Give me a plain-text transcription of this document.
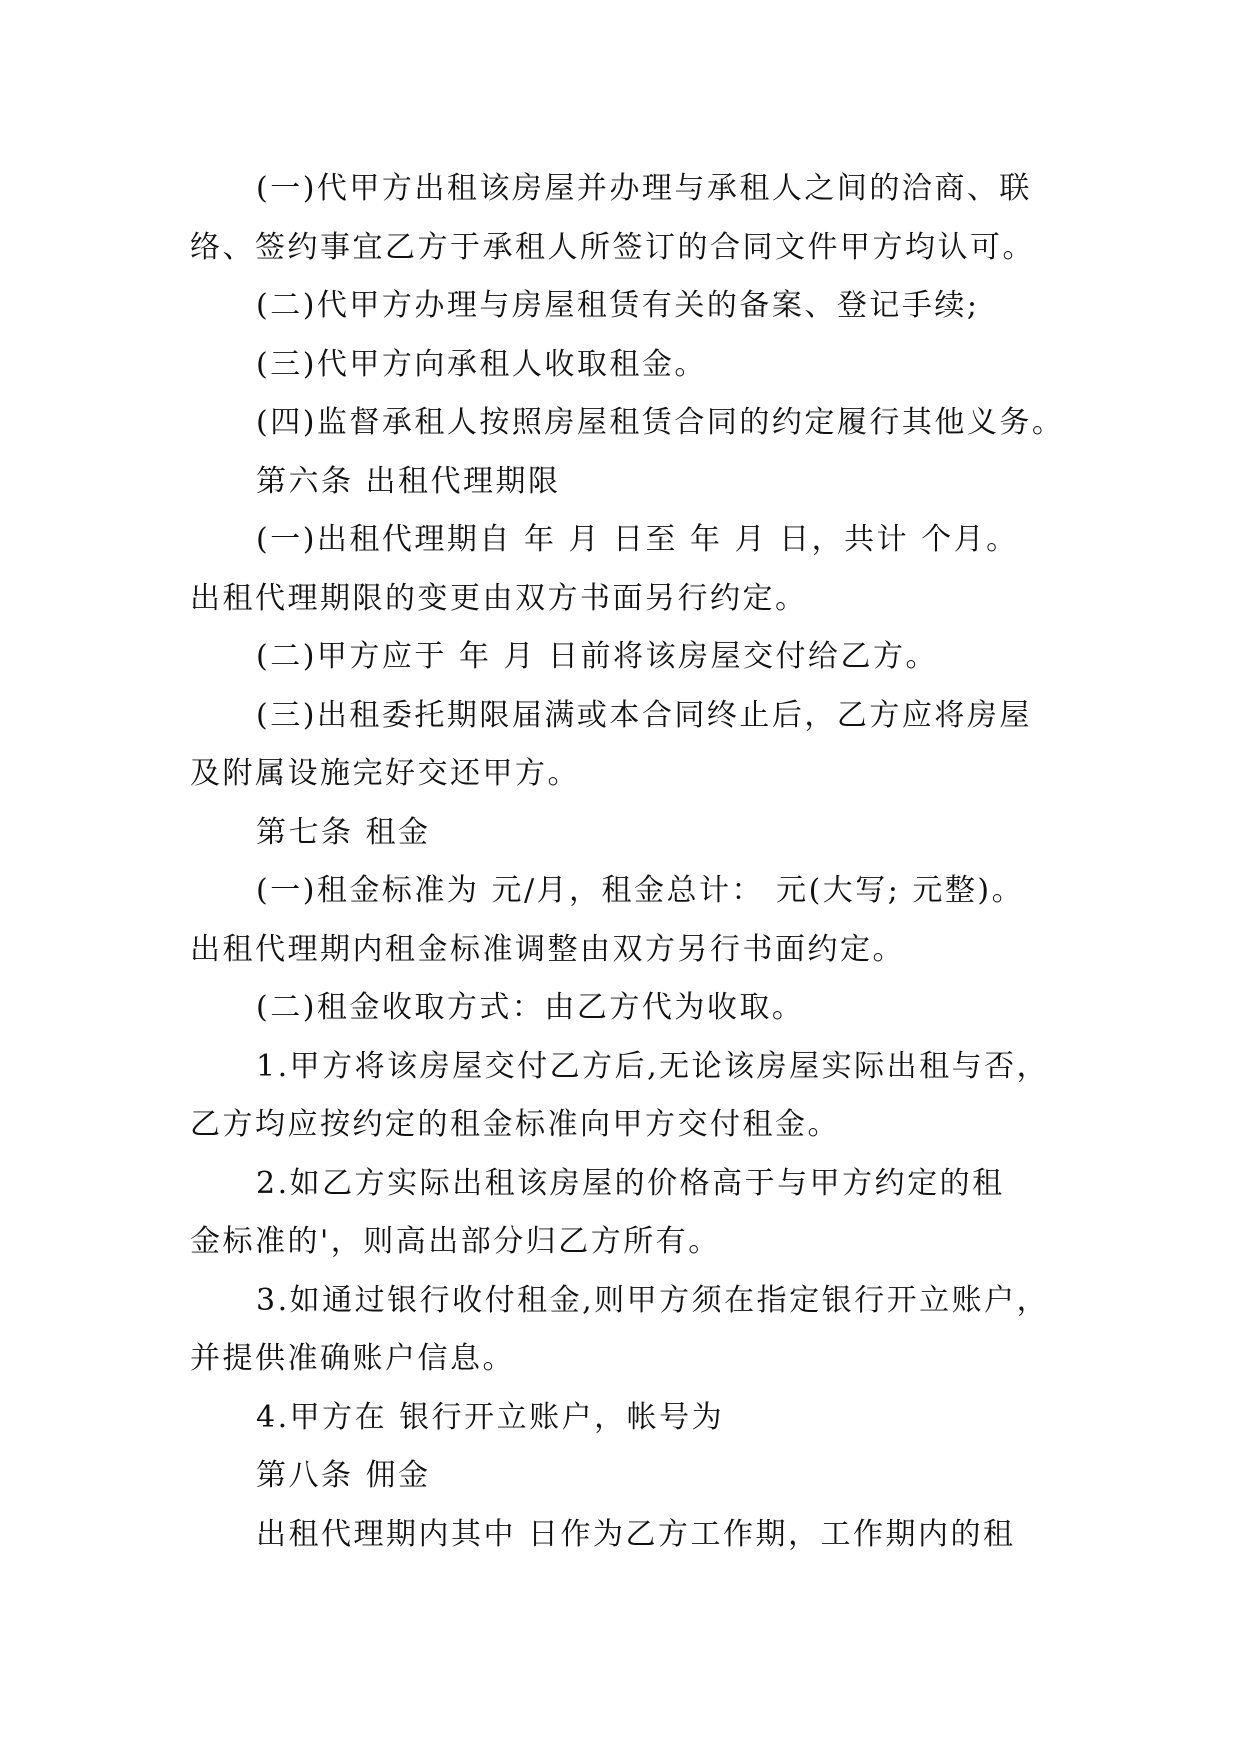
(一)代甲方出租该房屋并办理与承租人之间的洽商、联

络、签约事宜乙方于承租人所签订的合同文件甲方均认可。

(二)代甲方办理与房屋租赁有关的备案、登记手续;

(三)代甲方向承租人收取租金。

(四)监督承租人按照房屋租赁合同的约定履行其他义务。

第六条 出租代理期限

(一)出租代理期自 年 月 日至 年 月 日，共计 个月。

出租代理期限的变更由双方书面另行约定。

(二)甲方应于 年 月 日前将该房屋交付给乙方。

(三)出租委托期限届满或本合同终止后，乙方应将房屋

及附属设施完好交还甲方。

第七条 租金

(一)租金标准为 元/月，租金总计： 元(大写; 元整)。

出租代理期内租金标准调整由双方另行书面约定。

(二)租金收取方式：由乙方代为收取。

1.甲方将该房屋交付乙方后,无论该房屋实际出租与否，

乙方均应按约定的租金标准向甲方交付租金。

2.如乙方实际出租该房屋的价格高于与甲方约定的租

金标准的'，则高出部分归乙方所有。

3.如通过银行收付租金,则甲方须在指定银行开立账户，

并提供准确账户信息。

4.甲方在 银行开立账户，帐号为

第八条 佣金

出租代理期内其中 日作为乙方工作期，工作期内的租
